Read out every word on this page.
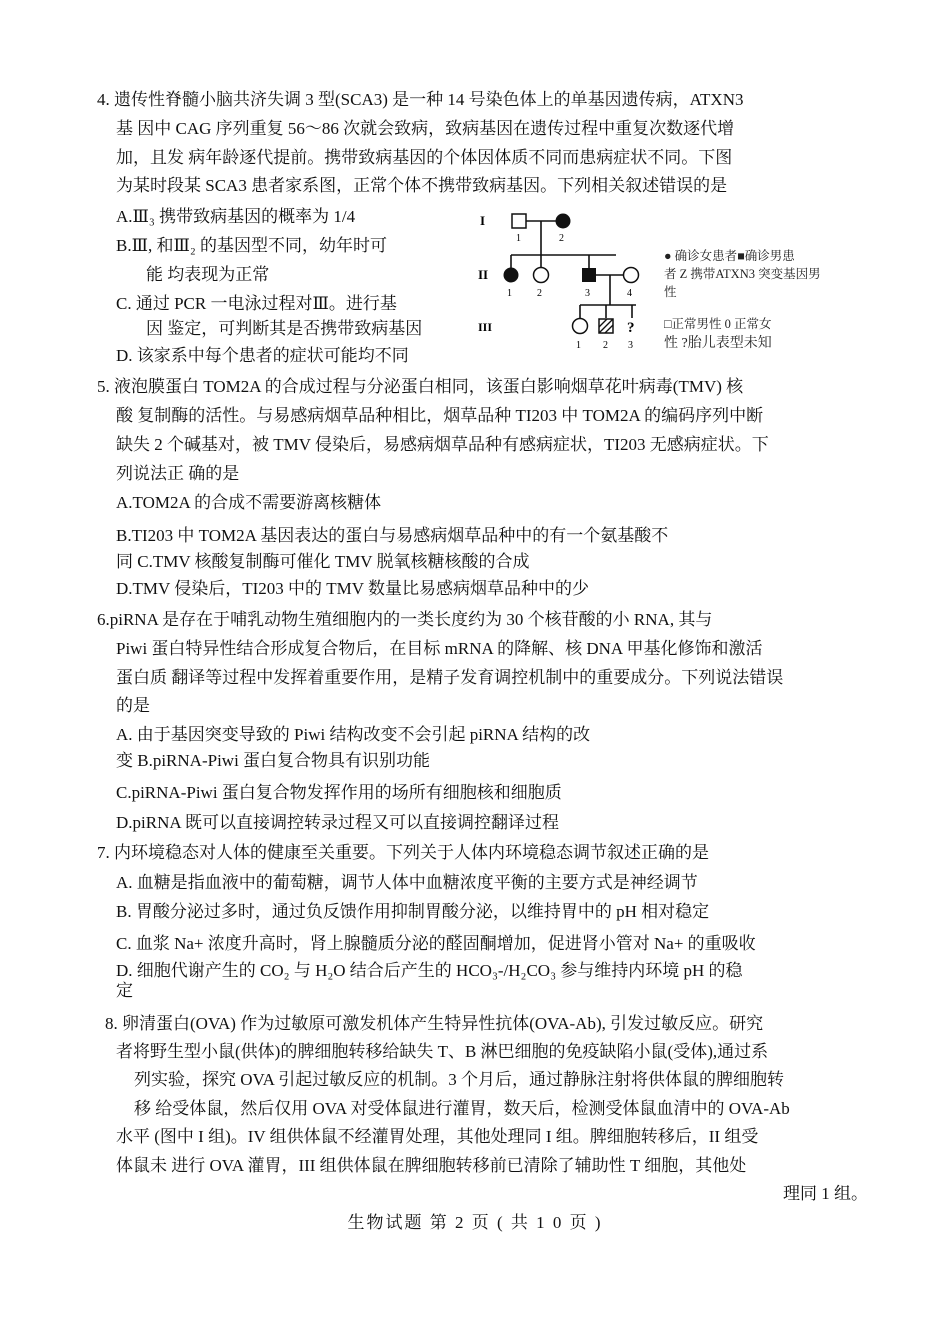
4. 遗传性脊髓小脑共济失调 3 型(SCA3) 是一种 14 号染色体上的单基因遗传病，ATXN3
基 因中 CAG 序列重复 56～86 次就会致病，致病基因在遗传过程中重复次数逐代增
加，且发 病年龄逐代提前。携带致病基因的个体因体质不同而患病症状不同。下图
为某时段某 SCA3 患者家系图，正常个体不携带致病基因。下列相关叙述错误的是
A.Ⅲ₃ 携带致病基因的概率为 1/4
B.Ⅲ, 和Ⅲ₂ 的基因型不同，幼年时可
能 均表现为正常
C. 通过 PCR 一电泳过程对Ⅲ。进行基
因 鉴定，可判断其是否携带致病基因
D. 该家系中每个患者的症状可能均不同
I
II
III
1	2
1	2	3	4
?
1 2 3
● 确诊女患者■确诊男患
者 Z 携带ATXN3 突变基因男
性
□正常男性 0 正常女
性 ?胎儿表型未知
5. 液泡膜蛋白 TOM2A 的合成过程与分泌蛋白相同，该蛋白影响烟草花叶病毒(TMV) 核
酸 复制酶的活性。与易感病烟草品种相比，烟草品种 TI203 中 TOM2A 的编码序列中断
缺失 2 个碱基对，被 TMV 侵染后，易感病烟草品种有感病症状，TI203 无感病症状。下
列说法正 确的是
A.TOM2A 的合成不需要游离核糖体
B.TI203 中 TOM2A 基因表达的蛋白与易感病烟草品种中的有一个氨基酸不
同 C.TMV 核酸复制酶可催化 TMV 脱氧核糖核酸的合成
D.TMV 侵染后，TI203 中的 TMV 数量比易感病烟草品种中的少
6.piRNA 是存在于哺乳动物生殖细胞内的一类长度约为 30 个核苷酸的小 RNA, 其与
Piwi 蛋白特异性结合形成复合物后，在目标 mRNA 的降解、核 DNA 甲基化修饰和激活
蛋白质 翻译等过程中发挥着重要作用，是精子发育调控机制中的重要成分。下列说法错误
的是
A. 由于基因突变导致的 Piwi 结构改变不会引起 piRNA 结构的改
变 B.piRNA-Piwi 蛋白复合物具有识别功能
C.piRNA-Piwi 蛋白复合物发挥作用的场所有细胞核和细胞质
D.piRNA 既可以直接调控转录过程又可以直接调控翻译过程
7. 内环境稳态对人体的健康至关重要。下列关于人体内环境稳态调节叙述正确的是
A. 血糖是指血液中的葡萄糖，调节人体中血糖浓度平衡的主要方式是神经调节
B. 胃酸分泌过多时，通过负反馈作用抑制胃酸分泌，以维持胃中的 pH 相对稳定
C. 血浆 Na+ 浓度升高时，肾上腺髓质分泌的醛固酮增加，促进肾小管对 Na+ 的重吸收
D. 细胞代谢产生的 CO₂ 与 H₂O 结合后产生的 HCO₃-/H₂CO₃ 参与维持内环境 pH 的稳
定
8. 卵清蛋白(OVA) 作为过敏原可激发机体产生特异性抗体(OVA-Ab), 引发过敏反应。研究
者将野生型小鼠(供体)的脾细胞转移给缺失 T、B 淋巴细胞的免疫缺陷小鼠(受体),通过系
列实验，探究 OVA 引起过敏反应的机制。3 个月后，通过静脉注射将供体鼠的脾细胞转
移 给受体鼠，然后仅用 OVA 对受体鼠进行灌胃，数天后，检测受体鼠血清中的 OVA-Ab
水平 (图中 I 组)。IV 组供体鼠不经灌胃处理，其他处理同 I 组。脾细胞转移后，II 组受
体鼠未 进行 OVA 灌胃，III 组供体鼠在脾细胞转移前已清除了辅助性 T 细胞，其他处
理同 1 组。
生物试题 第 2 页 ( 共 1 0 页 )
